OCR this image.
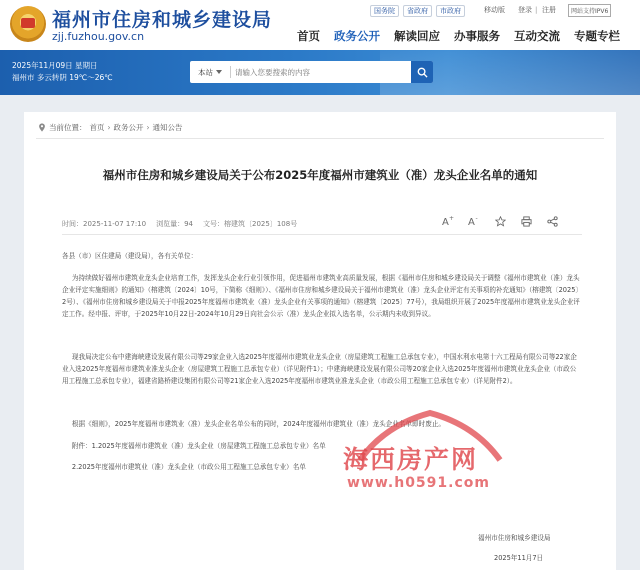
福州市住房和城乡建设局
zjj.fuzhou.gov.cn
国务院	省政府	市政府	移动版 登录 | 注册	网站支持IPV6
首页 政务公开 解读回应 办事服务 互动交流 专题专栏
2025年11月09日 星期日
福州市 多云转阴 19℃～26℃
本站
请输入您要搜索的内容
当前位置： 首页 › 政务公开 › 通知公告
福州市住房和城乡建设局关于公布2025年度福州市建筑业（准）龙头企业名单的通知
时间：2025-11-07 17:10 浏览量：94 文号：榕建筑〔2025〕108号	A + A -
各县（市）区住建局（建设局），各有关单位：
为持续做好福州市建筑业龙头企业培育工作，发挥龙头企业行业引领作用，促进福州市建筑业高质量发展，根据《福州市住房和城乡建设局关于调整《福州市建筑业（准）龙头企业评定实施细则》的通知》（榕建筑〔2024〕10号，下简称《细则》）、《福州市住房和城乡建设局关于福州市建筑业（准）龙头企业评定有关事项的补充通知》（榕建筑〔2025〕2号）、《福州市住房和城乡建设局关于申报2025年度福州市建筑业（准）龙头企业有关事项的通知》（榕建筑〔2025〕77号），我局组织开展了2025年度福州市建筑业龙头企业评定工作。经申报、评审，于2025年10月22日-2024年10月29日向社会公示（准）龙头企业拟入选名单，公示期内未收到异议。
现我局决定公布中建海峡建设发展有限公司等29家企业入选2025年度福州市建筑业龙头企业（房屋建筑工程施工总承包专业），中国水利水电第十六工程局有限公司等22家企业入选2025年度福州市建筑业准龙头企业（房屋建筑工程施工总承包专业）（详见附件1）；中建海峡建设发展有限公司等20家企业入选2025年度福州市建筑业龙头企业（市政公用工程施工总承包专业），福建省路桥建设集团有限公司等21家企业入选2025年度福州市建筑业准龙头企业（市政公用工程施工总承包专业）（详见附件2）。
根据《细则》，2025年度福州市建筑业（准）龙头企业名单公布的同时，2024年度福州市建筑业（准）龙头企业名单即时废止。
附件：1.2025年度福州市建筑业（准）龙头企业（房屋建筑工程施工总承包专业）名单
2.2025年度福州市建筑业（准）龙头企业（市政公用工程施工总承包专业）名单
福州市住房和城乡建设局
2025年11月7日
海西房产网
www.h0591.com
